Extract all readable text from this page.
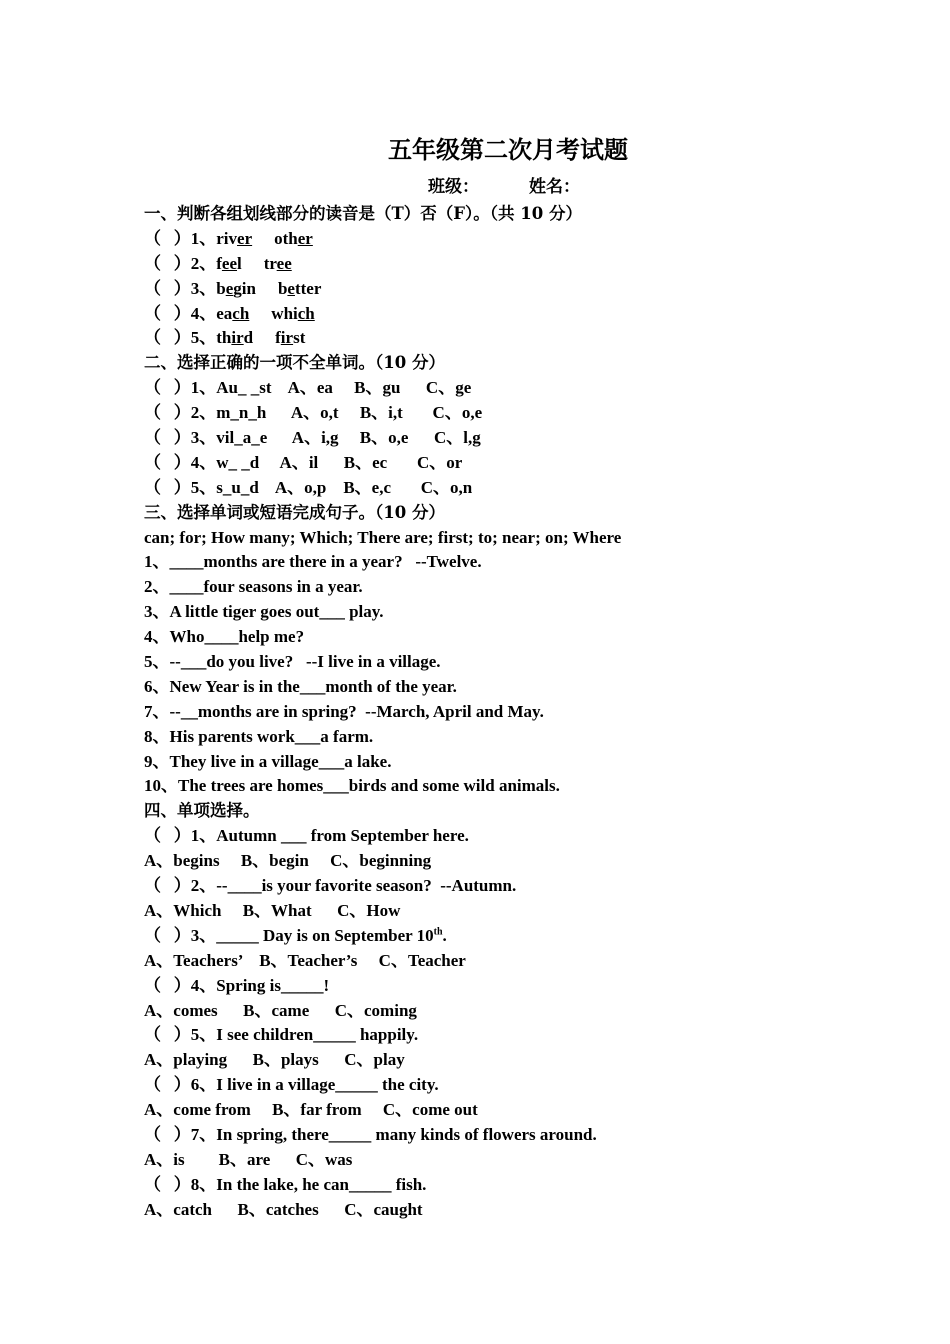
五年级第二次月考试题
班级：	姓名：
一、判断各组划线部分的读音是（T）否（F）。（共 10 分）
（   ）1、river other
（   ）2、feel tree
（   ）3、begin better
（   ）4、each which
（   ）5、third first
二、选择正确的一项不全单词。（10 分）
（   ）1、Au_ _st    A、ea     B、gu      C、ge
（   ）2、m_n_h      A、o,t     B、i,t       C、o,e
（   ）3、vil_a_e      A、i,g     B、o,e      C、l,g
（   ）4、w_ _d     A、il      B、ec       C、or
（   ）5、s_u_d    A、o,p    B、e,c       C、o,n
三、选择单词或短语完成句子。（10 分）
can; for; How many; Which; There are; first; to; near; on; Where
1、____months are there in a year?   --Twelve.
2、____four seasons in a year.
3、A little tiger goes out___ play.
4、Who____help me?
5、--___do you live?   --I live in a village.
6、New Year is in the___month of the year.
7、--__months are in spring?  --March, April and May.
8、His parents work___a farm.
9、They live in a village___a lake.
10、The trees are homes___birds and some wild animals.
四、单项选择。
（   ）1、Autumn ___ from September here.
A、begins     B、begin     C、beginning
（   ）2、--____is your favorite season?  --Autumn.
A、Which     B、What      C、How
（   ）3、_____ Day is on September 10th.
A、Teachers’    B、Teacher’s     C、Teacher
（   ）4、Spring is_____!
A、comes      B、came      C、coming
（   ）5、I see children_____ happily.
A、playing      B、plays      C、play
（   ）6、I live in a village_____ the city.
A、come from     B、far from     C、come out
（   ）7、In spring, there_____ many kinds of flowers around.
A、is        B、are      C、was
（   ）8、In the lake, he can_____ fish.
A、catch      B、catches      C、caught
